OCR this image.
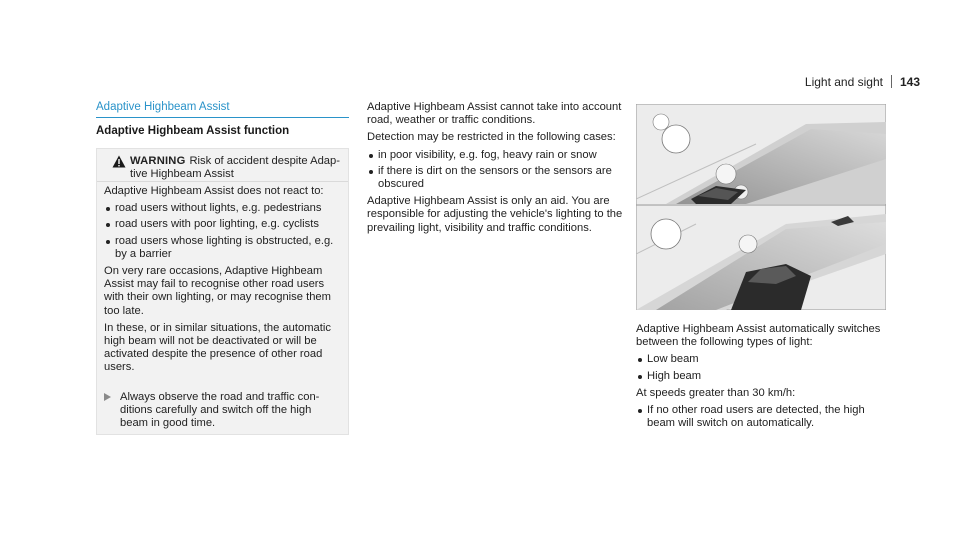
Light and sight 143
Adaptive Highbeam Assist
Adaptive Highbeam Assist function
WARNING Risk of accident despite Adap-tive Highbeam Assist

Adaptive Highbeam Assist does not react to:

road users without lights, e.g. pedestrians
road users with poor lighting, e.g. cyclists
road users whose lighting is obstructed, e.g. by a barrier

On very rare occasions, Adaptive Highbeam Assist may fail to recognise other road users with their own lighting, or may recognise them too late.

In these, or in similar situations, the automatic high beam will not be deactivated or will be activated despite the presence of other road users.

Always observe the road and traffic con-ditions carefully and switch off the high beam in good time.

Adaptive Highbeam Assist cannot take into account road, weather or traffic conditions.

Detection may be restricted in the following cases:

in poor visibility, e.g. fog, heavy rain or snow
if there is dirt on the sensors or the sensors are obscured

Adaptive Highbeam Assist is only an aid. You are responsible for adjusting the vehicle's lighting to the prevailing light, visibility and traffic conditions.

Adaptive Highbeam Assist automatically switches between the following types of light:

Low beam
High beam

At speeds greater than 30 km/h:

If no other road users are detected, the high beam will switch on automatically.
